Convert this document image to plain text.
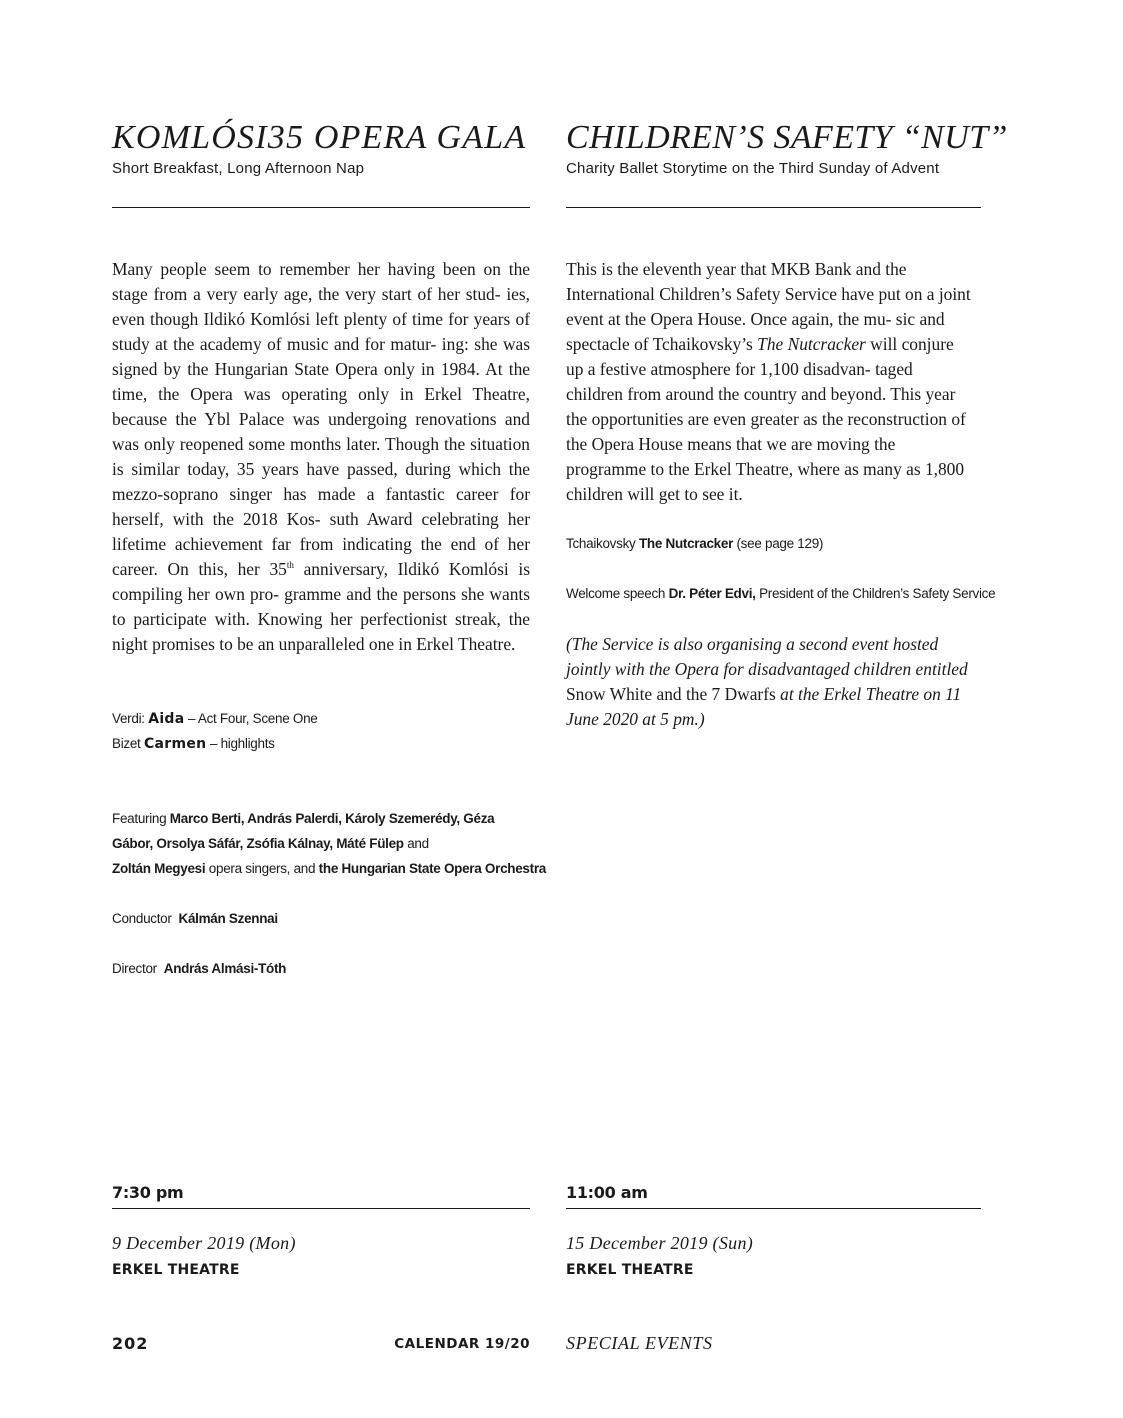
KOMLÓSI35 OPERA GALA
Short Breakfast, Long Afternoon Nap

Many people seem to remember her having been on the stage from a very early age, the very start of her stud- ies, even though Ildikó Komlósi left plenty of time for years of study at the academy of music and for matur- ing: she was signed by the Hungarian State Opera only in 1984. At the time, the Opera was operating only in Erkel Theatre, because the Ybl Palace was undergoing renovations and was only reopened some months later. Though the situation is similar today, 35 years have passed, during which the mezzo-soprano singer has made a fantastic career for herself, with the 2018 Kos- suth Award celebrating her lifetime achievement far from indicating the end of her career. On this, her 35th anniversary, Ildikó Komlósi is compiling her own pro- gramme and the persons she wants to participate with. Knowing her perfectionist streak, the night promises to be an unparalleled one in Erkel Theatre.

Verdi: Aida – Act Four, Scene One
Bizet Carmen – highlights
Featuring Marco Berti, András Palerdi, Károly Szemerédy, Géza
Gábor, Orsolya Sáfár, Zsófia Kálnay, Máté Fülep and
Zoltán Megyesi opera singers, and the Hungarian State Opera Orchestra
Conductor Kálmán Szennai
Director András Almási-Tóth
7:30 pm
9 December 2019 (Mon)
ERKEL THEATRE
CHILDREN’S SAFETY “NUT”
Charity Ballet Storytime on the Third Sunday of Advent

This is the eleventh year that MKB Bank and the International Children’s Safety Service have put on a joint event at the Opera House. Once again, the mu- sic and spectacle of Tchaikovsky’s The Nutcracker will conjure up a festive atmosphere for 1,100 disadvan- taged children from around the country and beyond. This year the opportunities are even greater as the reconstruction of the Opera House means that we are moving the programme to the Erkel Theatre, where as many as 1,800 children will get to see it.

Tchaikovsky The Nutcracker (see page 129)
Welcome speech Dr. Péter Edvi, President of the Children’s Safety Service
(The Service is also organising a second event hosted jointly with the Opera for disadvantaged children entitled Snow White and the 7 Dwarfs at the Erkel Theatre on 11 June 2020 at 5 pm.)
11:00 am
15 December 2019 (Sun)
ERKEL THEATRE
202	CALENDAR 19/20 SPECIAL EVENTS
